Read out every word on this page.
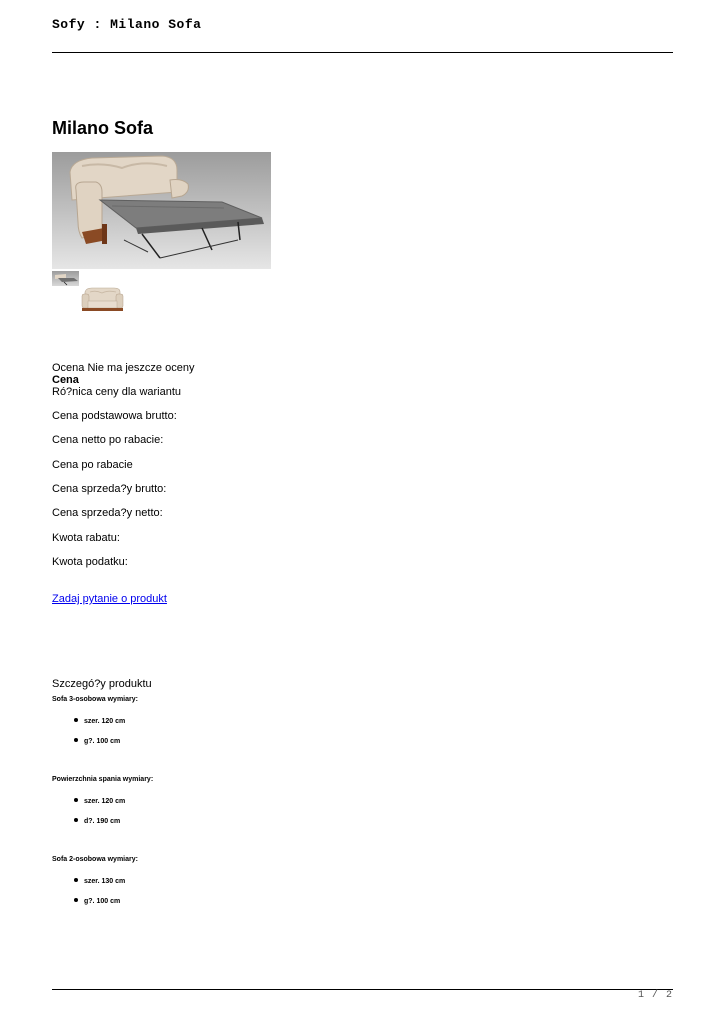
Sofy : Milano Sofa
Milano Sofa
Ocena Nie ma jeszcze oceny
Cena
Ró?nica ceny dla wariantu
Cena podstawowa brutto:
Cena netto po rabacie:
Cena po rabacie
Cena sprzeda?y brutto:
Cena sprzeda?y netto:
Kwota rabatu:
Kwota podatku:
Zadaj pytanie o produkt
Szczegó?y produktu
Sofa 3-osobowa wymiary:
szer. 120 cm
g?. 100 cm
Powierzchnia spania wymiary:
szer. 120 cm
d?. 190 cm
Sofa 2-osobowa wymiary:
szer. 130 cm
g?. 100 cm
1 / 2
